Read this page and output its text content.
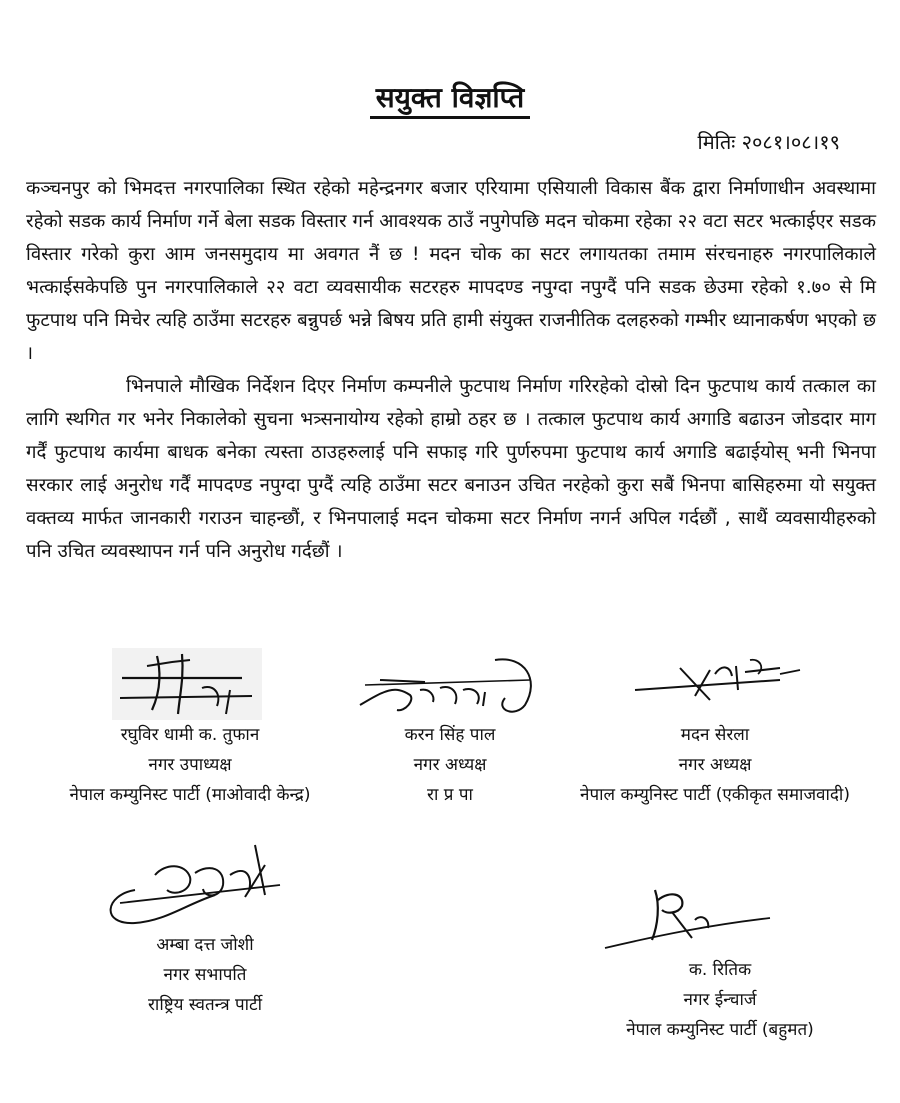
सयुक्त विज्ञप्ति
मितिः २०८१।०८।१९

कञ्चनपुर को भिमदत्त नगरपालिका स्थित रहेको महेन्द्रनगर बजार एरियामा एसियाली विकास बैंक द्वारा निर्माणाधीन अवस्थामा रहेको सडक कार्य निर्माण गर्ने बेला सडक विस्तार गर्न आवश्यक ठाउँ नपुगेपछि मदन चोकमा रहेका २२ वटा सटर भत्काईएर सडक विस्तार गरेको कुरा आम जनसमुदाय मा अवगत नैं छ ! मदन चोक का सटर लगायतका तमाम संरचनाहरु नगरपालिकाले भत्काईसकेपछि पुन नगरपालिकाले २२ वटा व्यवसायीक सटरहरु मापदण्ड नपुग्दा नपुग्दैं पनि सडक छेउमा रहेको १.७० से मि फुटपाथ पनि मिचेर त्यहि ठाउँमा सटरहरु बन्नुपर्छ भन्ने बिषय प्रति हामी संयुक्त राजनीतिक दलहरुको गम्भीर ध्यानाकर्षण भएको छ ।

भिनपाले मौखिक निर्देशन दिएर निर्माण कम्पनीले फुटपाथ निर्माण गरिरहेको दोस्रो दिन फुटपाथ कार्य तत्काल का लागि स्थगित गर भनेर निकालेको सुचना भत्र्सनायोग्य रहेको हाम्रो ठहर छ । तत्काल फुटपाथ कार्य अगाडि बढाउन जोडदार माग गर्दैं फुटपाथ कार्यमा बाधक बनेका त्यस्ता ठाउहरुलाई पनि सफाइ गरि पुर्णरुपमा फुटपाथ कार्य अगाडि बढाईयोस् भनी भिनपा सरकार लाई अनुरोध गर्दैं मापदण्ड नपुग्दा पुग्दैं त्यहि ठाउँमा सटर बनाउन उचित नरहेको कुरा सबैं भिनपा बासिहरुमा यो सयुक्त वक्तव्य मार्फत जानकारी गराउन चाहन्छौं, र भिनपालाई मदन चोकमा सटर निर्माण नगर्न अपिल गर्दछौं , साथैं व्यवसायीहरुको पनि उचित व्यवस्थापन गर्न पनि अनुरोध गर्दछौं ।

रघुविर धामी क. तुफान
नगर उपाध्यक्ष
नेपाल कम्युनिस्ट पार्टी (माओवादी केन्द्र)
करन सिंह पाल
नगर अध्यक्ष
रा प्र पा
मदन सेरला
नगर अध्यक्ष
नेपाल कम्युनिस्ट पार्टी (एकीकृत समाजवादी)
अम्बा दत्त जोशी
नगर सभापति
राष्ट्रिय स्वतन्त्र पार्टी
क. रितिक
नगर ईन्चार्ज
नेपाल कम्युनिस्ट पार्टी (बहुमत)
